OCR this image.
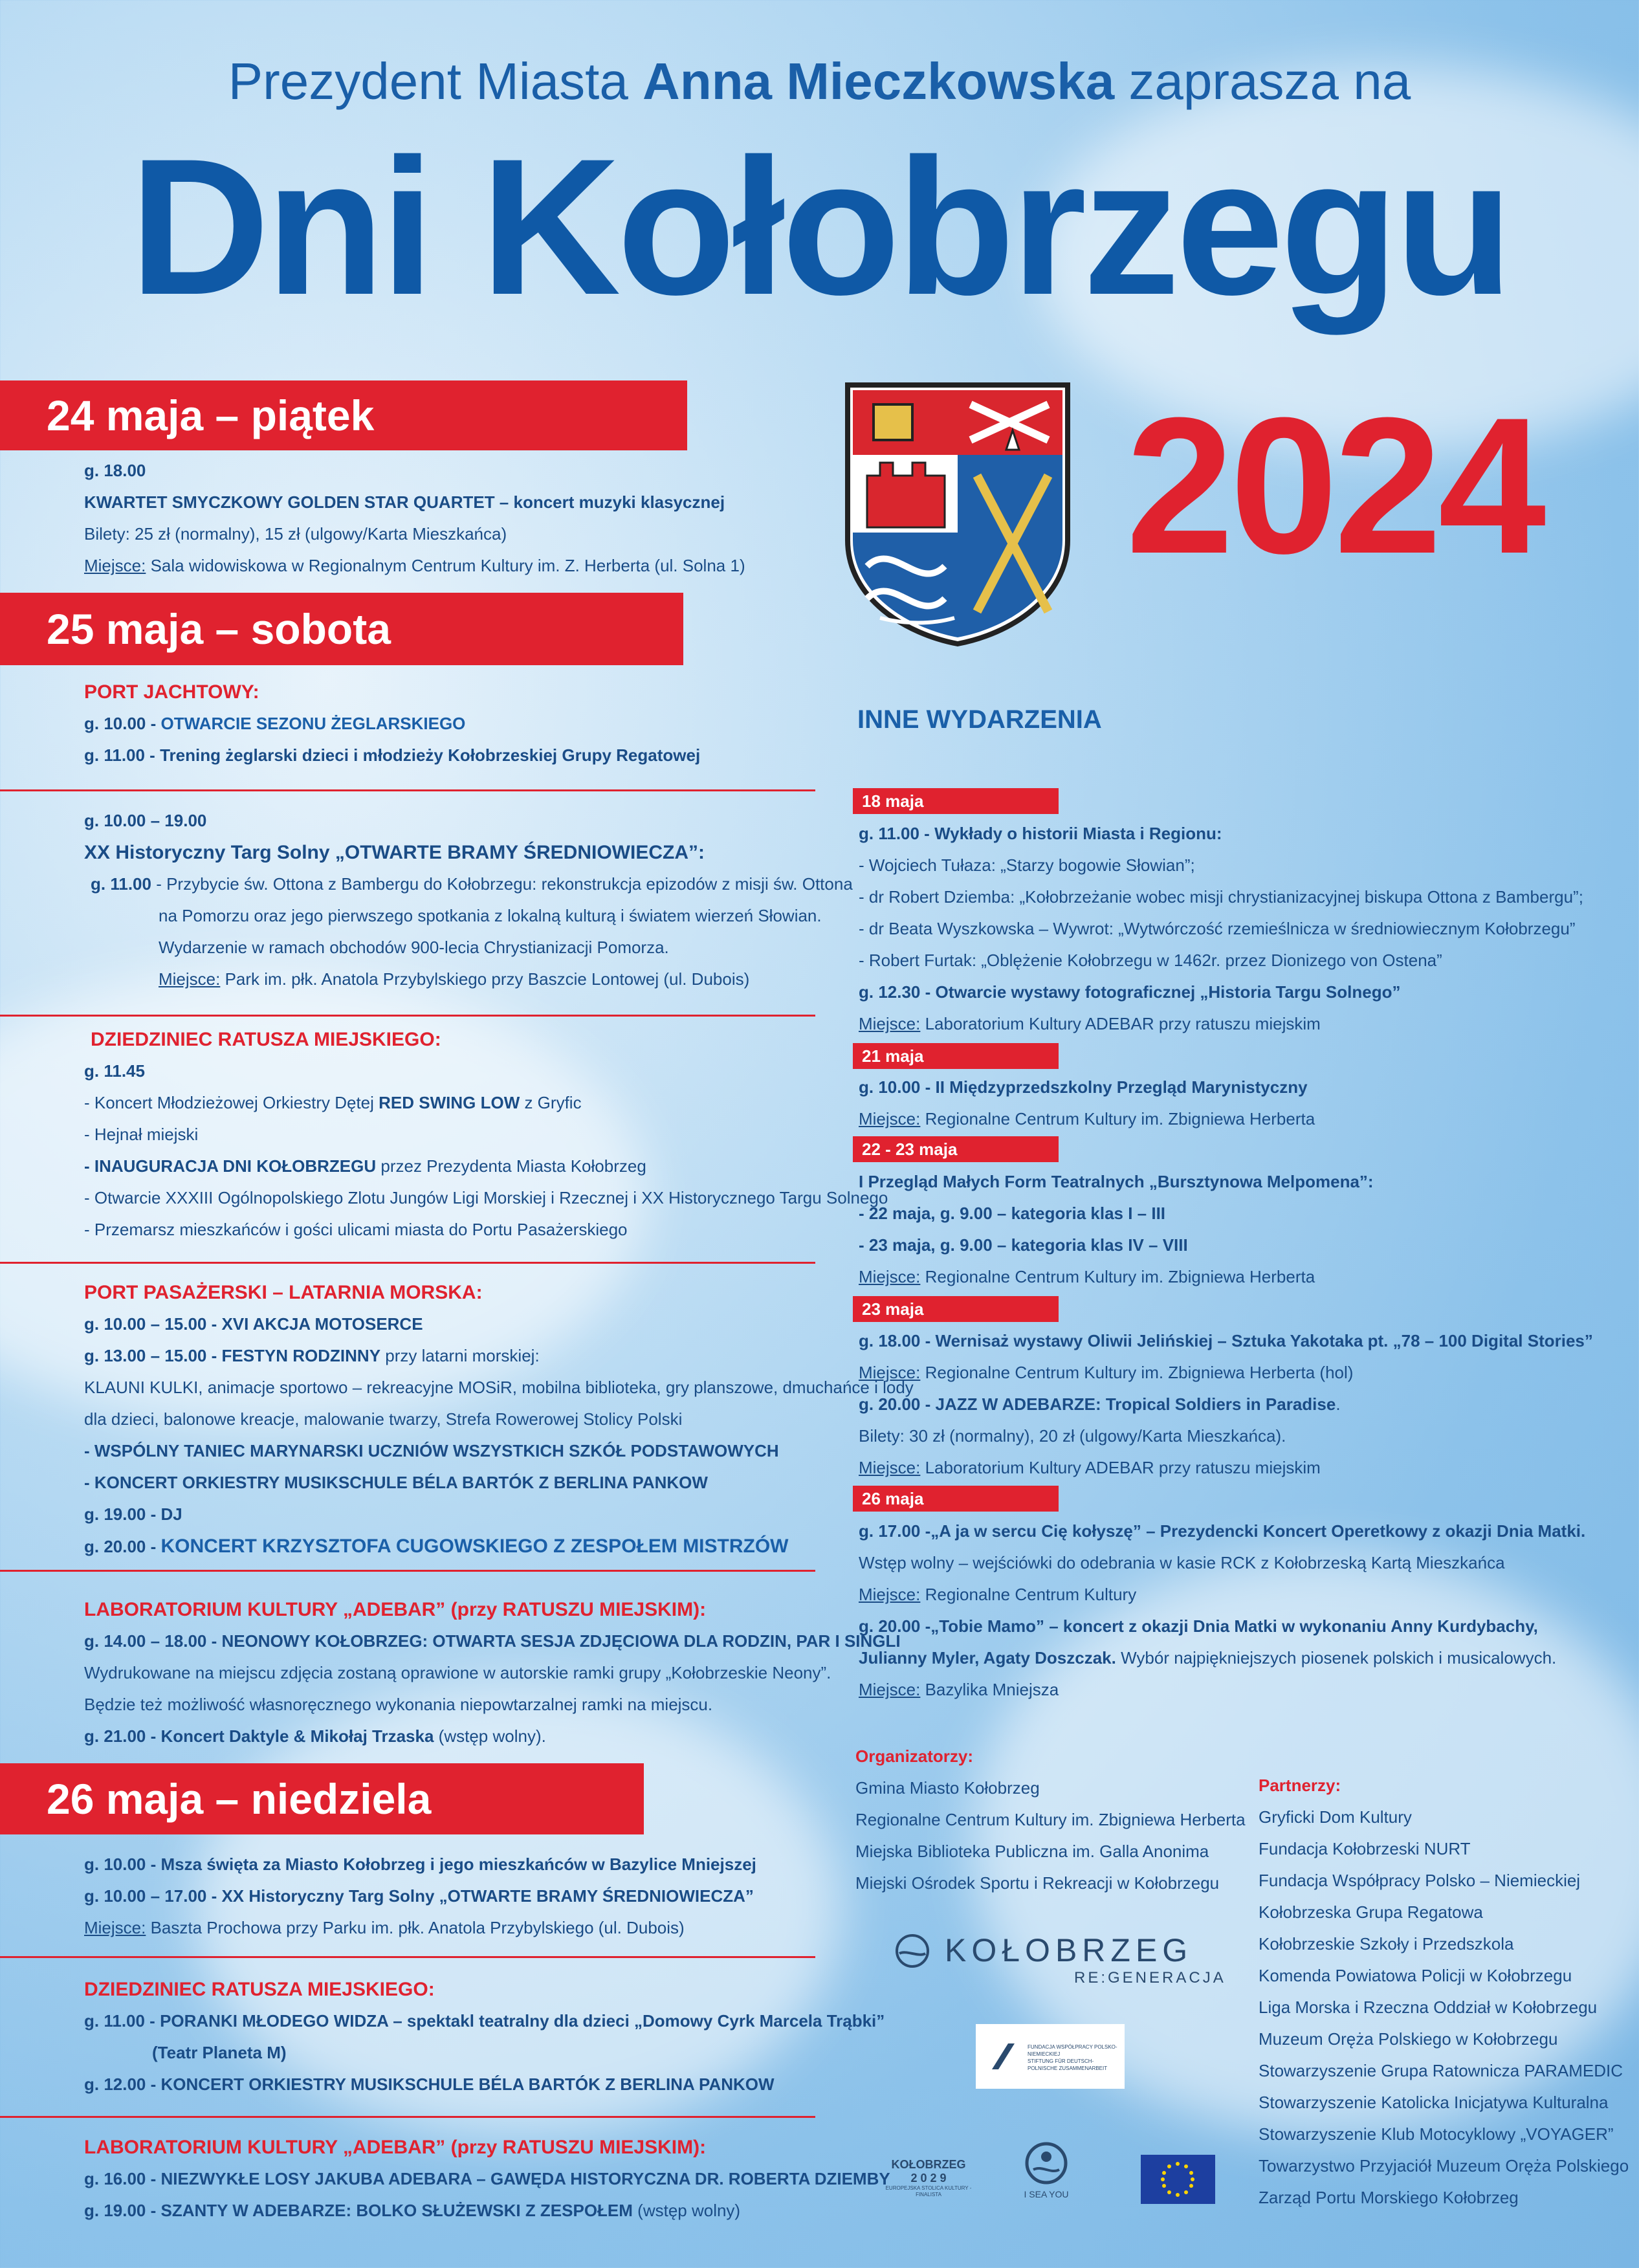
Prezydent Miasta Anna Mieczkowska zaprasza na
Dni Kołobrzegu
2024
24 maja – piątek
g. 18.00
KWARTET SMYCZKOWY GOLDEN STAR QUARTET – koncert muzyki klasycznej
Bilety: 25 zł (normalny), 15 zł (ulgowy/Karta Mieszkańca)
Miejsce: Sala widowiskowa w Regionalnym Centrum Kultury im. Z. Herberta (ul. Solna 1)
25 maja – sobota
PORT JACHTOWY:
g. 10.00 - OTWARCIE SEZONU ŻEGLARSKIEGO
g. 11.00 - Trening żeglarski dzieci i młodzieży Kołobrzeskiej Grupy Regatowej
g. 10.00 – 19.00
XX Historyczny Targ Solny „OTWARTE BRAMY ŚREDNIOWIECZA”:
g. 11.00 - Przybycie św. Ottona z Bambergu do Kołobrzegu: rekonstrukcja epizodów z misji św. Ottona
na Pomorzu oraz jego pierwszego spotkania z lokalną kulturą i światem wierzeń Słowian.
Wydarzenie w ramach obchodów 900-lecia Chrystianizacji Pomorza.
Miejsce: Park im. płk. Anatola Przybylskiego przy Baszcie Lontowej (ul. Dubois)
DZIEDZINIEC RATUSZA MIEJSKIEGO:
g. 11.45
- Koncert Młodzieżowej Orkiestry Dętej RED SWING LOW z Gryfic
- Hejnał miejski
- INAUGURACJA DNI KOŁOBRZEGU przez Prezydenta Miasta Kołobrzeg
- Otwarcie XXXIII Ogólnopolskiego Zlotu Jungów Ligi Morskiej i Rzecznej i XX Historycznego Targu Solnego
- Przemarsz mieszkańców i gości ulicami miasta do Portu Pasażerskiego
PORT PASAŻERSKI – LATARNIA MORSKA:
g. 10.00 – 15.00 - XVI AKCJA MOTOSERCE
g. 13.00 – 15.00 - FESTYN RODZINNY przy latarni morskiej:
KLAUNI KULKI, animacje sportowo – rekreacyjne MOSiR, mobilna biblioteka, gry planszowe, dmuchańce i lody
dla dzieci, balonowe kreacje, malowanie twarzy, Strefa Rowerowej Stolicy Polski
- WSPÓLNY TANIEC MARYNARSKI UCZNIÓW WSZYSTKICH SZKÓŁ PODSTAWOWYCH
- KONCERT ORKIESTRY MUSIKSCHULE BÉLA BARTÓK Z BERLINA PANKOW
g. 19.00 - DJ
g. 20.00 - KONCERT KRZYSZTOFA CUGOWSKIEGO Z ZESPOŁEM MISTRZÓW
LABORATORIUM KULTURY „ADEBAR” (przy RATUSZU MIEJSKIM):
g. 14.00 – 18.00 - NEONOWY KOŁOBRZEG: OTWARTA SESJA ZDJĘCIOWA DLA RODZIN, PAR I SINGLI
Wydrukowane na miejscu zdjęcia zostaną oprawione w autorskie ramki grupy „Kołobrzeskie Neony”.
Będzie też możliwość własnoręcznego wykonania niepowtarzalnej ramki na miejscu.
g. 21.00 - Koncert Daktyle & Mikołaj Trzaska (wstęp wolny).
26 maja – niedziela
g. 10.00 - Msza święta za Miasto Kołobrzeg i jego mieszkańców w Bazylice Mniejszej
g. 10.00 – 17.00 - XX Historyczny Targ Solny „OTWARTE BRAMY ŚREDNIOWIECZA”
Miejsce: Baszta Prochowa przy Parku im. płk. Anatola Przybylskiego (ul. Dubois)
DZIEDZINIEC RATUSZA MIEJSKIEGO:
g. 11.00 - PORANKI MŁODEGO WIDZA – spektakl teatralny dla dzieci „Domowy Cyrk Marcela Trąbki”
(Teatr Planeta M)
g. 12.00 - KONCERT ORKIESTRY MUSIKSCHULE BÉLA BARTÓK Z BERLINA PANKOW
LABORATORIUM KULTURY „ADEBAR” (przy RATUSZU MIEJSKIM):
g. 16.00 - NIEZWYKŁE LOSY JAKUBA ADEBARA – GAWĘDA HISTORYCZNA DR. ROBERTA DZIEMBY
g. 19.00 - SZANTY W ADEBARZE: BOLKO SŁUŻEWSKI Z ZESPOŁEM (wstęp wolny)
INNE WYDARZENIA
18 maja
g. 11.00 - Wykłady o historii Miasta i Regionu:
- Wojciech Tułaza: „Starzy bogowie Słowian”;
- dr Robert Dziemba: „Kołobrzeżanie wobec misji chrystianizacyjnej biskupa Ottona z Bambergu”;
- dr Beata Wyszkowska – Wywrot: „Wytwórczość rzemieślnicza w średniowiecznym Kołobrzegu”
- Robert Furtak: „Oblężenie Kołobrzegu w 1462r. przez Dionizego von Ostena”
g. 12.30 - Otwarcie wystawy fotograficznej „Historia Targu Solnego”
Miejsce: Laboratorium Kultury ADEBAR przy ratuszu miejskim
21 maja
g. 10.00 - II Międzyprzedszkolny Przegląd Marynistyczny
Miejsce: Regionalne Centrum Kultury im. Zbigniewa Herberta
22 - 23 maja
I Przegląd Małych Form Teatralnych „Bursztynowa Melpomena”:
- 22 maja, g. 9.00 – kategoria klas I – III
- 23 maja, g. 9.00 – kategoria klas IV – VIII
Miejsce: Regionalne Centrum Kultury im. Zbigniewa Herberta
23 maja
g. 18.00 - Wernisaż wystawy Oliwii Jelińskiej – Sztuka Yakotaka pt. „78 – 100 Digital Stories”
Miejsce: Regionalne Centrum Kultury im. Zbigniewa Herberta (hol)
g. 20.00 - JAZZ W ADEBARZE: Tropical Soldiers in Paradise.
Bilety: 30 zł (normalny), 20 zł (ulgowy/Karta Mieszkańca).
Miejsce: Laboratorium Kultury ADEBAR przy ratuszu miejskim
26 maja
g. 17.00 -„A ja w sercu Cię kołyszę” – Prezydencki Koncert Operetkowy z okazji Dnia Matki.
Wstęp wolny – wejściówki do odebrania w kasie RCK z Kołobrzeską Kartą Mieszkańca
Miejsce: Regionalne Centrum Kultury
g. 20.00 -„Tobie Mamo” – koncert z okazji Dnia Matki w wykonaniu Anny Kurdybachy,
Julianny Myler, Agaty Doszczak. Wybór najpiękniejszych piosenek polskich i musicalowych.
Miejsce: Bazylika Mniejsza
Organizatorzy:
Gmina Miasto Kołobrzeg
Regionalne Centrum Kultury im. Zbigniewa Herberta
Miejska Biblioteka Publiczna im. Galla Anonima
Miejski Ośrodek Sportu i Rekreacji w Kołobrzegu
Partnerzy:
Gryficki Dom Kultury
Fundacja Kołobrzeski NURT
Fundacja Współpracy Polsko – Niemieckiej
Kołobrzeska Grupa Regatowa
Kołobrzeskie Szkoły i Przedszkola
Komenda Powiatowa Policji w Kołobrzegu
Liga Morska i Rzeczna Oddział w Kołobrzegu
Muzeum Oręża Polskiego w Kołobrzegu
Stowarzyszenie Grupa Ratownicza PARAMEDIC
Stowarzyszenie Katolicka Inicjatywa Kulturalna
Stowarzyszenie Klub Motocyklowy „VOYAGER”
Towarzystwo Przyjaciół Muzeum Oręża Polskiego
Zarząd Portu Morskiego Kołobrzeg
KOŁOBRZEG
RE:GENERACJA
FUNDACJA WSPÓŁPRACY POLSKO-NIEMIECKIEJ
STIFTUNG FÜR DEUTSCH-POLNISCHE ZUSAMMENARBEIT
KOŁOBRZEG
2 0 2 9
EUROPEJSKA STOLICA KULTURY - FINALISTA	I SEA YOU
